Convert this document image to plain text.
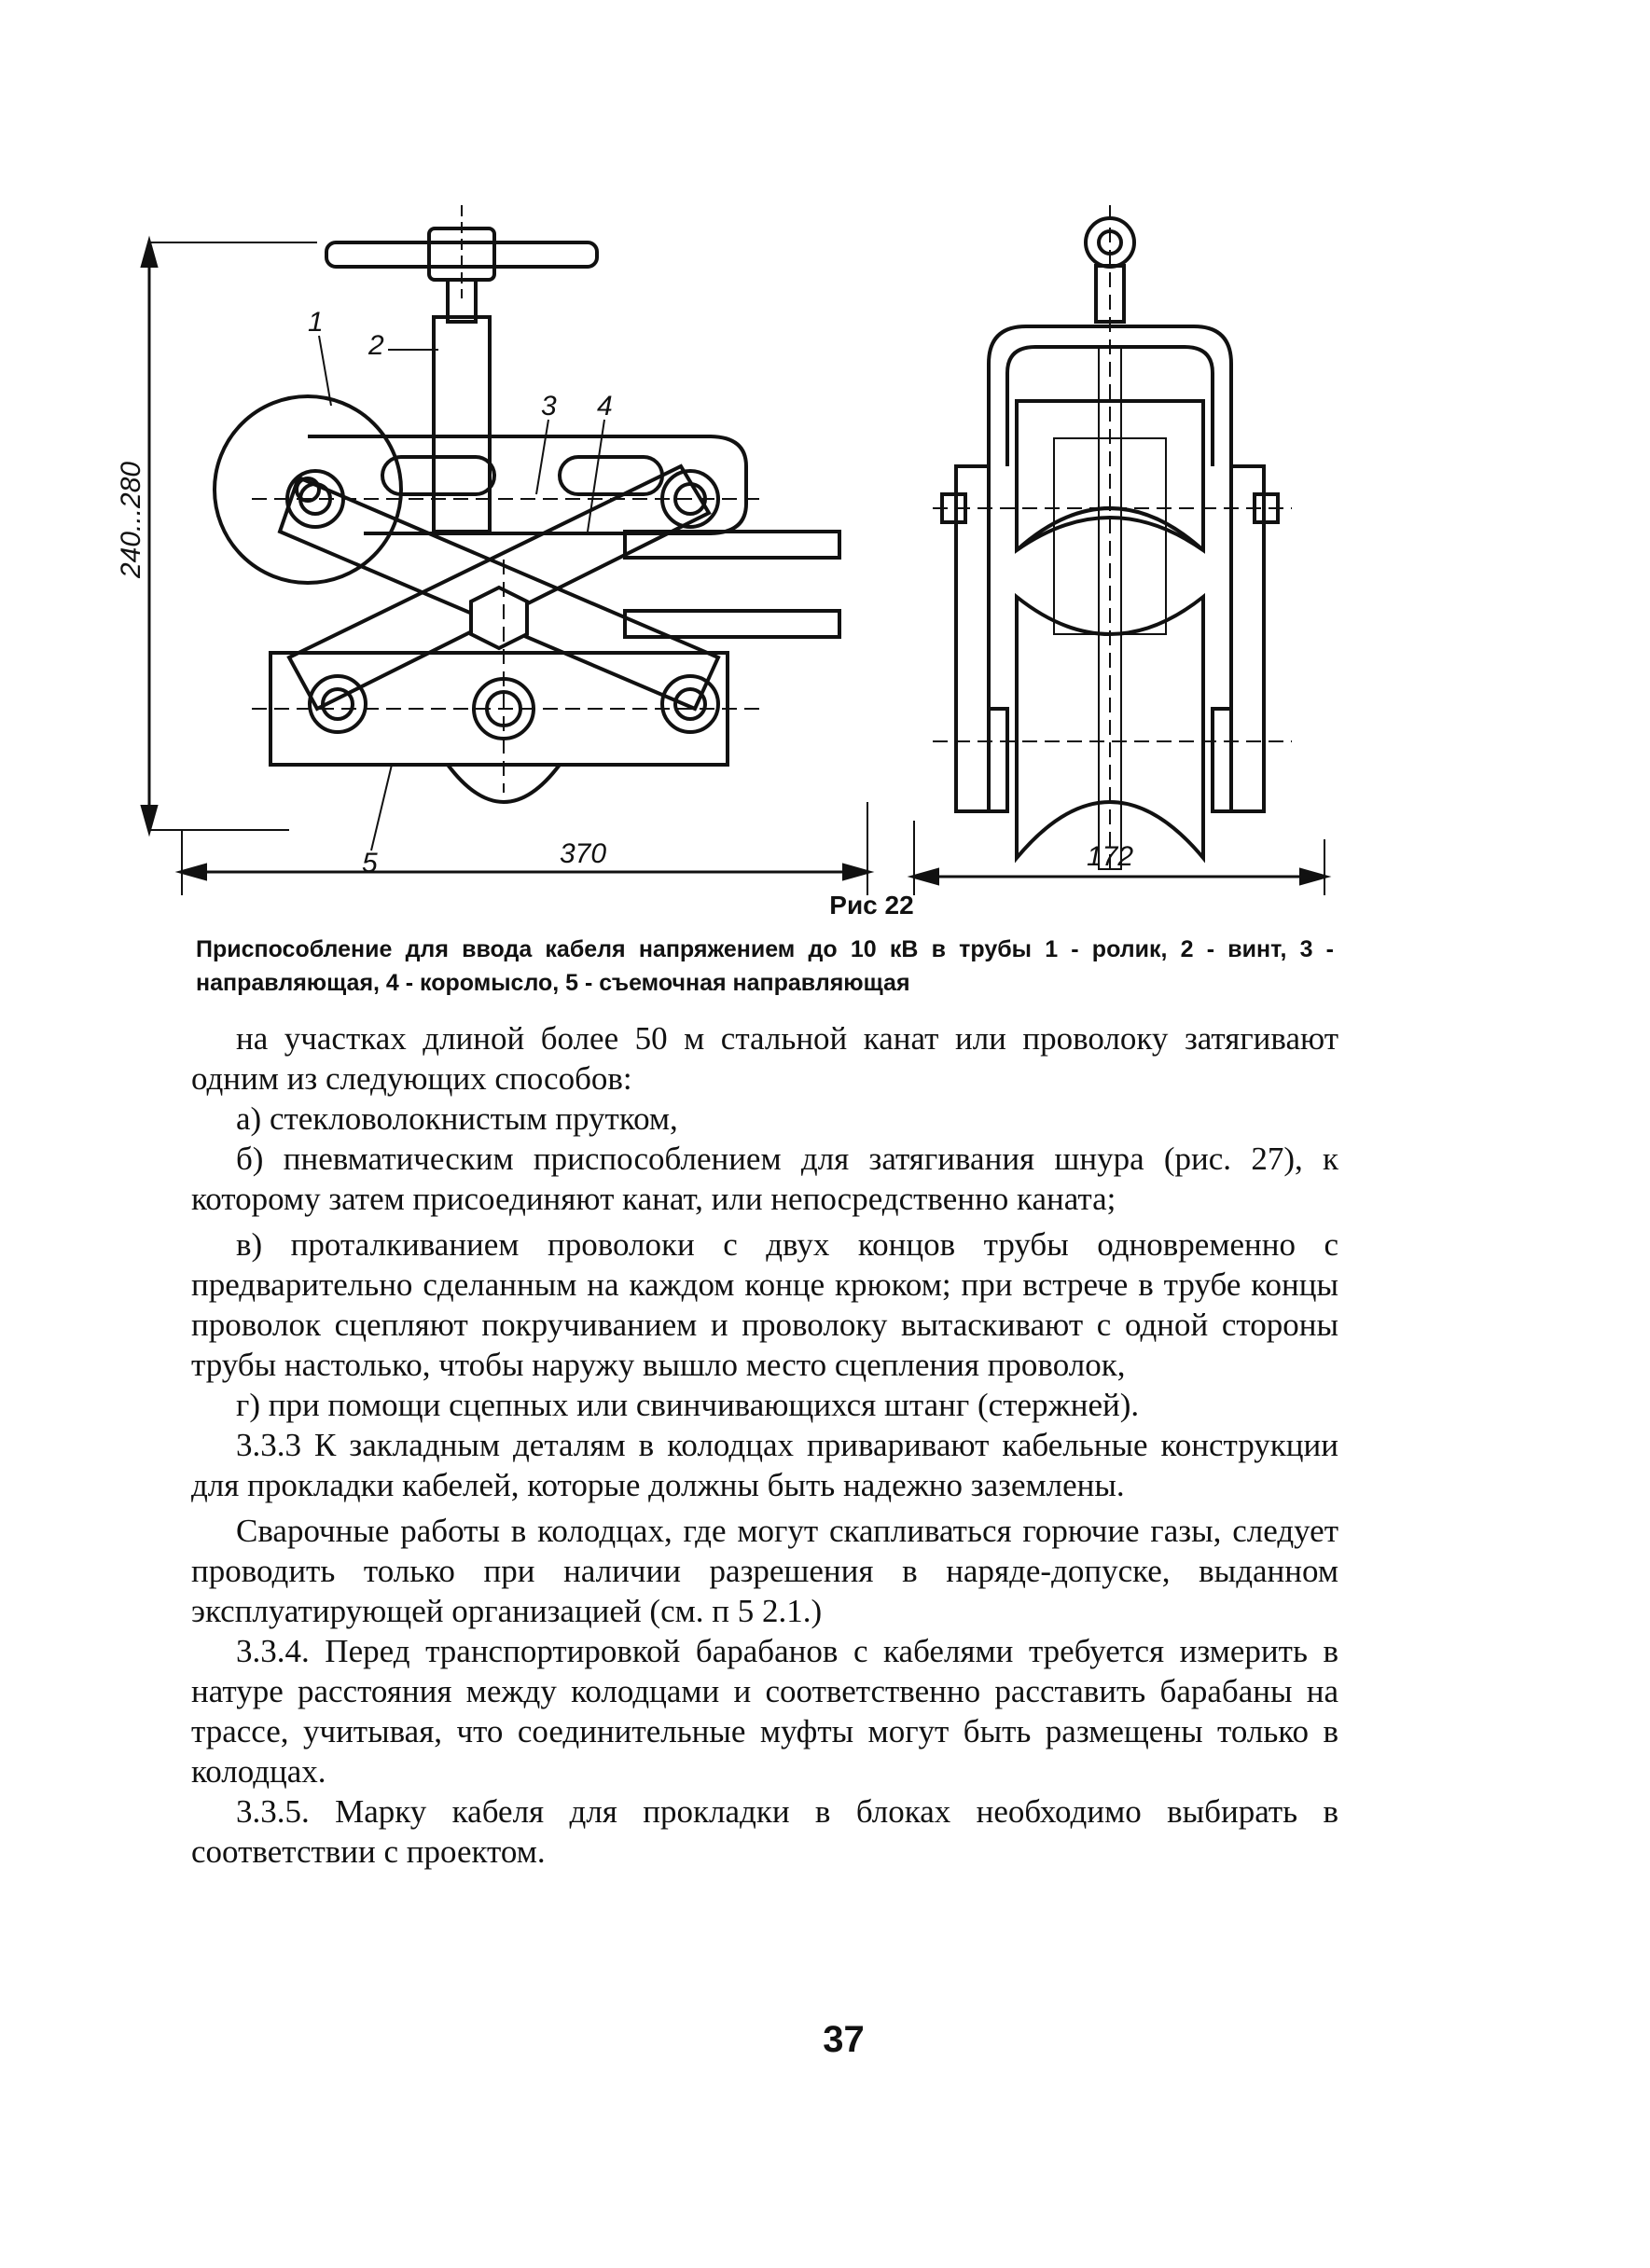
240...280
2
1
3 4
5	370	172
Рис 22
Приспособление для ввода кабеля напряжением до 10 кВ в трубы 1 - ролик, 2 - винт, 3 - направляющая, 4 - коромысло, 5 - съемочная направляющая

на участках длиной более 50 м стальной канат или проволоку затягивают одним из следующих способов:

а) стекловолокнистым прутком,

б) пневматическим приспособлением для затягивания шнура (рис. 27), к которому затем присоединяют канат, или непосредственно каната;

в) проталкиванием проволоки с двух концов трубы одновременно с предварительно сделанным на каждом конце крюком; при встрече в трубе концы проволок сцепляют покручиванием и проволоку вытаскивают с одной стороны трубы настолько, чтобы наружу вышло место сцепления проволок,

г) при помощи сцепных или свинчивающихся штанг (стержней).

3.3.3 К закладным деталям в колодцах приваривают кабельные конструкции для прокладки кабелей, которые должны быть надежно заземлены.

Сварочные работы в колодцах, где могут скапливаться горючие газы, следует проводить только при наличии разрешения в наряде-допуске, выданном эксплуатирующей организацией (см. п 5 2.1.)

3.3.4. Перед транспортировкой барабанов с кабелями требуется измерить в натуре расстояния между колодцами и соответственно расставить барабаны на трассе, учитывая, что соединительные муфты могут быть размещены только в колодцах.

3.3.5. Марку кабеля для прокладки в блоках необходимо выбирать в соответствии с проектом.

37
